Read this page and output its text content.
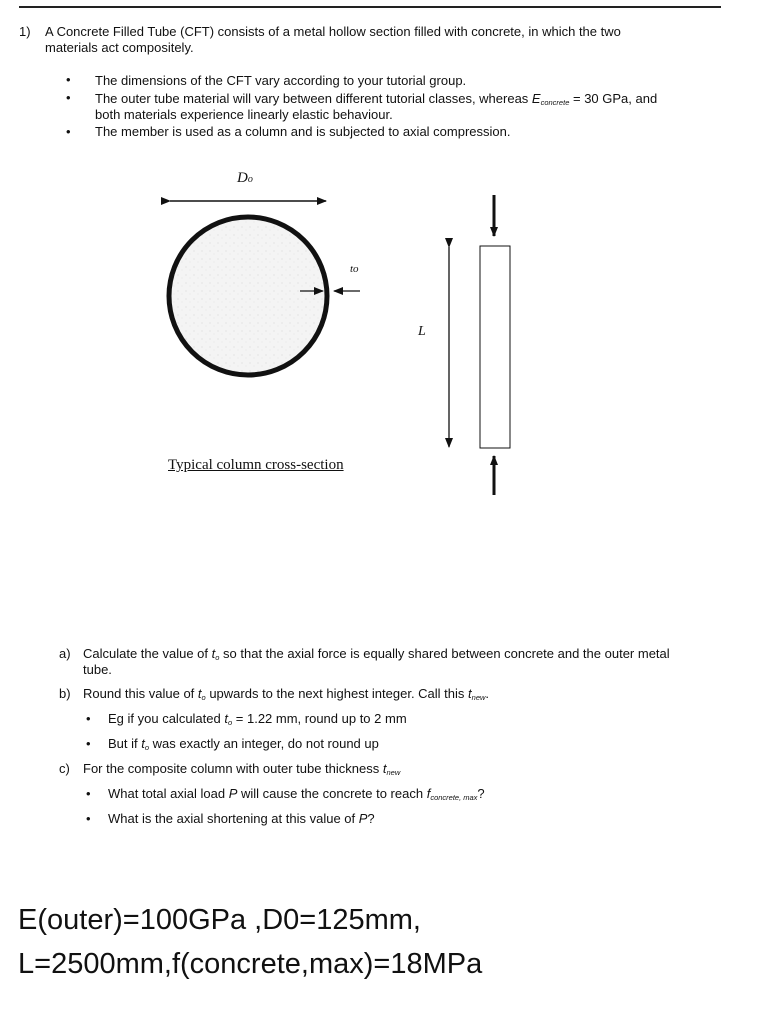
1) A Concrete Filled Tube (CFT) consists of a metal hollow section filled with concrete, in which the two
materials act compositely.
• The dimensions of the CFT vary according to your tutorial group.
• The outer tube material will vary between different tutorial classes, whereas $E_{concrete} = 30$ GPa, and
both materials experience linearly elastic behaviour.
• The member is used as a column and is subjected to axial compression.
Do
to
L
Typical column cross-section
a) Calculate the value of $t_o$ so that the axial force is equally shared between concrete and the outer metal
tube.
b) Round this value of $t_o$ upwards to the next highest integer. Call this $t_{new}$.
• Eg if you calculated $t_o = 1.22$ mm, round up to 2 mm
• But if $t_o$ was exactly an integer, do not round up
c) For the composite column with outer tube thickness $t_{new}$
• What total axial load P will cause the concrete to reach $f_{concrete, max}$?
• What is the axial shortening at this value of P?
E(outer)=100GPa ,D0=125mm,
L=2500mm,f(concrete,max)=18MPa
